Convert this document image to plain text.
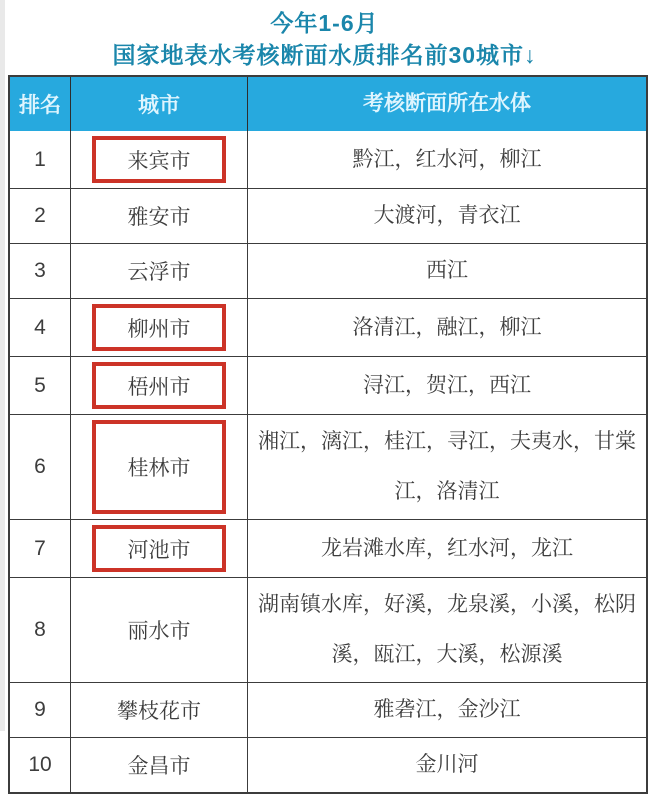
今年1-6月
国家地表水考核断面水质排名前30城市↓
排名	城市	考核断面所在水体
1	来宾市	黔江，红水河，柳江
2	雅安市	大渡河，青衣江
3	云浮市	西江
4	柳州市	洛清江，融江，柳江
5	梧州市	浔江，贺江，西江
6	桂林市
湘江，漓江，桂江，寻江，夫夷水，甘棠江，洛清江
7	河池市	龙岩滩水库，红水河，龙江
8	丽水市
湖南镇水库，好溪，龙泉溪，小溪，松阴溪，瓯江，大溪，松源溪
9	攀枝花市	雅砻江，金沙江
10	金昌市	金川河
